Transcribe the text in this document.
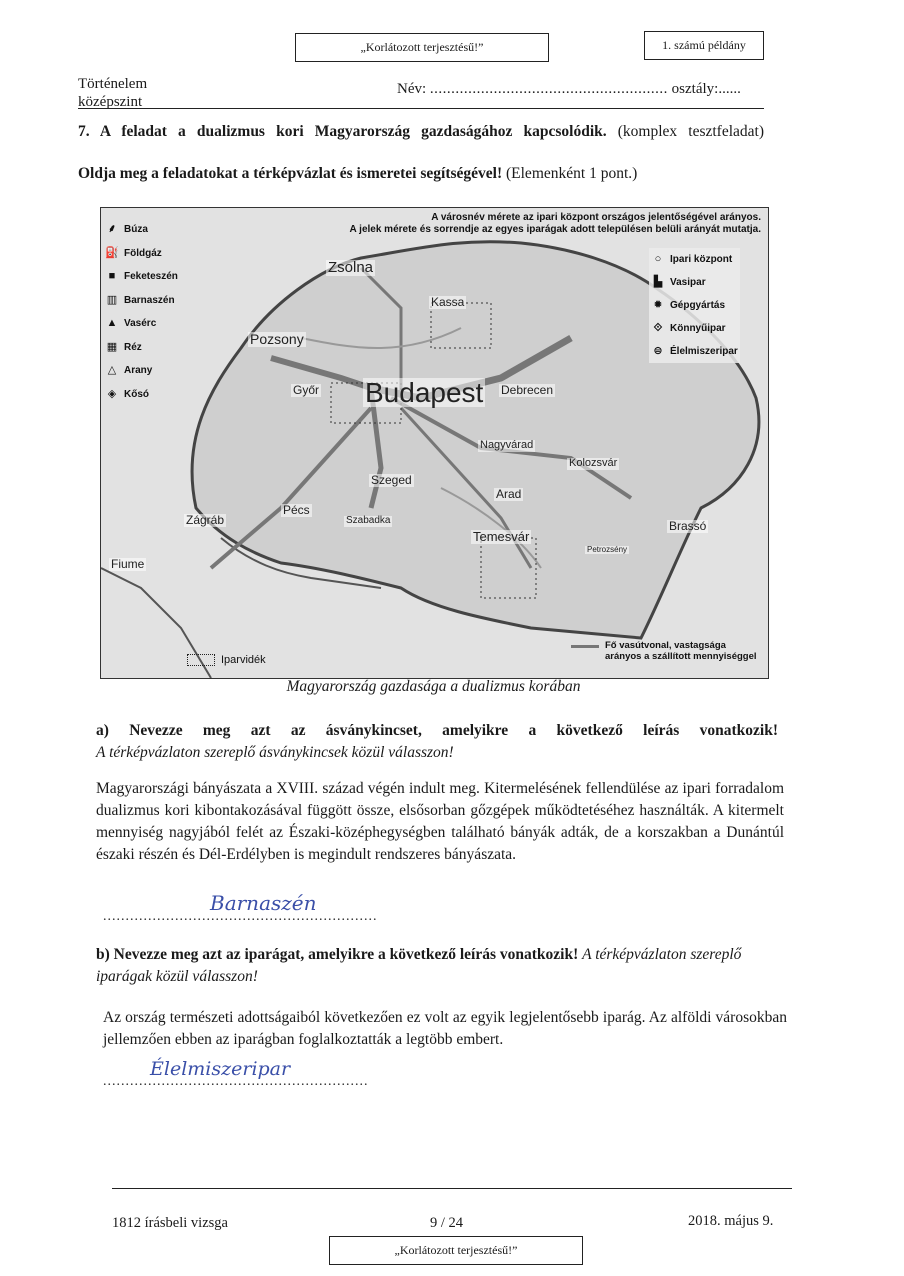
„Korlátozott terjesztésű!”	1. számú példány
Történelem
középszint
Név: ........................................................ osztály:......
7. A feladat a dualizmus kori Magyarország gazdaságához kapcsolódik. (komplex tesztfeladat)
Oldja meg a feladatokat a térképvázlat és ismeretei segítségével! (Elemenként 1 pont.)
A városnév mérete az ipari központ országos jelentőségével arányos.
A jelek mérete és sorrendje az egyes iparágak adott településen belüli arányát mutatja.
⸙ Búza
⛽ Földgáz
■ Feketeszén
▥ Barnaszén
▲ Vasérc
▦ Réz
△ Arany
◈ Kősó
○ Ipari központ
▙ Vasipar
✹ Gépgyártás
⟐ Könnyűipar
⊜ Élelmiszeripar
Zsolna
Kassa
Pozsony
Győr Budapest Debrecen
Nagyvárad
Kolozsvár
Szeged
Arad
Pécs
Szabadka
Zágráb
Temesvár
Brassó
Petrozsény
Fiume
Iparvidék
Fő vasútvonal, vastagsága
arányos a szállított mennyiséggel
Magyarország gazdasága a dualizmus korában
a) Nevezze meg azt az ásványkincset, amelyikre a következő leírás vonatkozik!
A térképvázlaton szereplő ásványkincsek közül válasszon!
Magyarországi bányászata a XVIII. század végén indult meg. Kitermelésének fellendülése az ipari forradalom dualizmus kori kibontakozásával függött össze, elsősorban gőzgépek működtetéséhez használták. A kitermelt mennyiség nagyjából felét az Északi-középhegységben található bányák adták, de a korszakban a Dunántúl északi részén és Dél-Erdélyben is megindult rendszeres bányászata.
.............................................................
Barnaszén
b) Nevezze meg azt az iparágat, amelyikre a következő leírás vonatkozik! A térképvázlaton szereplő iparágak közül válasszon!
Az ország természeti adottságaiból következően ez volt az egyik legjelentősebb iparág. Az alföldi városokban jellemzően ebben az iparágban foglalkoztatták a legtöbb embert.
...........................................................
Élelmiszeripar
1812 írásbeli vizsga	9 / 24	2018. május 9.
„Korlátozott terjesztésű!”
